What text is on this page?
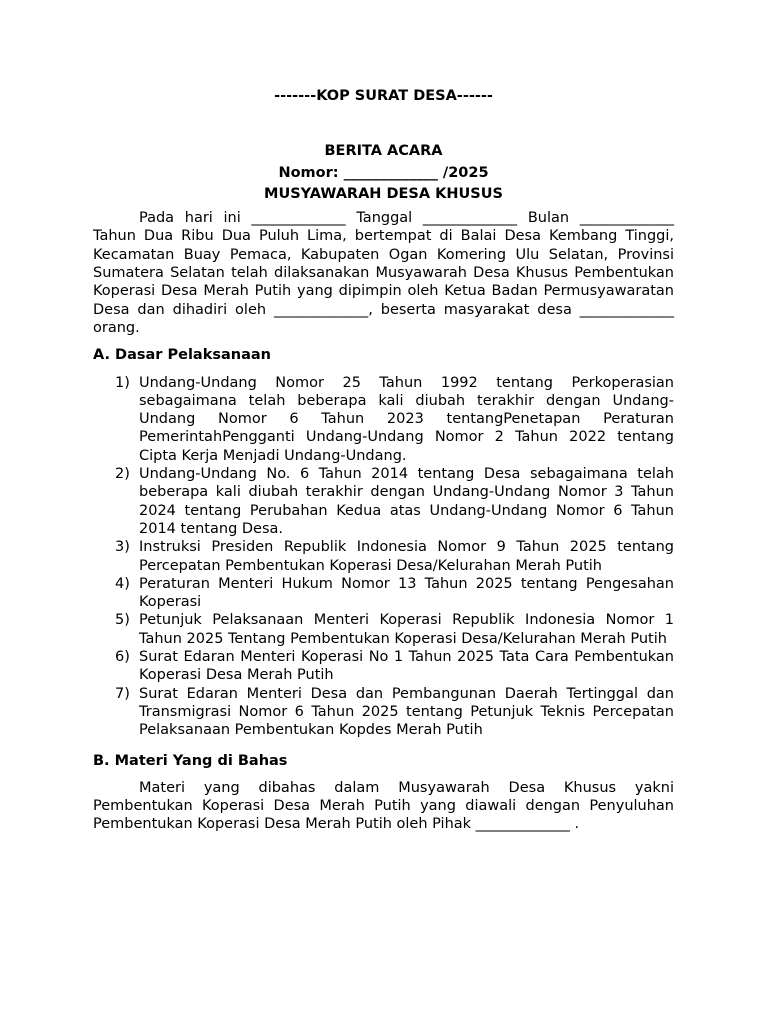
-------KOP SURAT DESA------
BERITA ACARA
Nomor: _____________ /2025
MUSYAWARAH DESA KHUSUS
Pada hari ini _____________ Tanggal _____________ Bulan _____________ Tahun Dua Ribu Dua Puluh Lima, bertempat di Balai Desa Kembang Tinggi, Kecamatan Buay Pemaca, Kabupaten Ogan Komering Ulu Selatan, Provinsi Sumatera Selatan telah dilaksanakan Musyawarah Desa Khusus Pembentukan Koperasi Desa Merah Putih yang dipimpin oleh Ketua Badan Permusyawaratan Desa dan dihadiri oleh _____________, beserta masyarakat desa _____________ orang.
A. Dasar Pelaksanaan
1) Undang-Undang Nomor 25 Tahun 1992 tentang Perkoperasian sebagaimana telah beberapa kali diubah terakhir dengan Undang-Undang Nomor 6 Tahun 2023 tentangPenetapan Peraturan PemerintahPengganti Undang-Undang Nomor 2 Tahun 2022 tentang Cipta Kerja Menjadi Undang-Undang.
2) Undang-Undang No. 6 Tahun 2014 tentang Desa sebagaimana telah beberapa kali diubah terakhir dengan Undang-Undang Nomor 3 Tahun 2024 tentang Perubahan Kedua atas Undang-Undang Nomor 6 Tahun 2014 tentang Desa.
3) Instruksi Presiden Republik Indonesia Nomor 9 Tahun 2025 tentang Percepatan Pembentukan Koperasi Desa/Kelurahan Merah Putih
4) Peraturan Menteri Hukum Nomor 13 Tahun 2025 tentang Pengesahan Koperasi
5) Petunjuk Pelaksanaan Menteri Koperasi Republik Indonesia Nomor 1 Tahun 2025 Tentang Pembentukan Koperasi Desa/Kelurahan Merah Putih
6) Surat Edaran Menteri Koperasi No 1 Tahun 2025 Tata Cara Pembentukan Koperasi Desa Merah Putih
7) Surat Edaran Menteri Desa dan Pembangunan Daerah Tertinggal dan Transmigrasi Nomor 6 Tahun 2025 tentang Petunjuk Teknis Percepatan Pelaksanaan Pembentukan Kopdes Merah Putih
B. Materi Yang di Bahas
Materi yang dibahas dalam Musyawarah Desa Khusus yakni Pembentukan Koperasi Desa Merah Putih yang diawali dengan Penyuluhan Pembentukan Koperasi Desa Merah Putih oleh Pihak _____________ .
